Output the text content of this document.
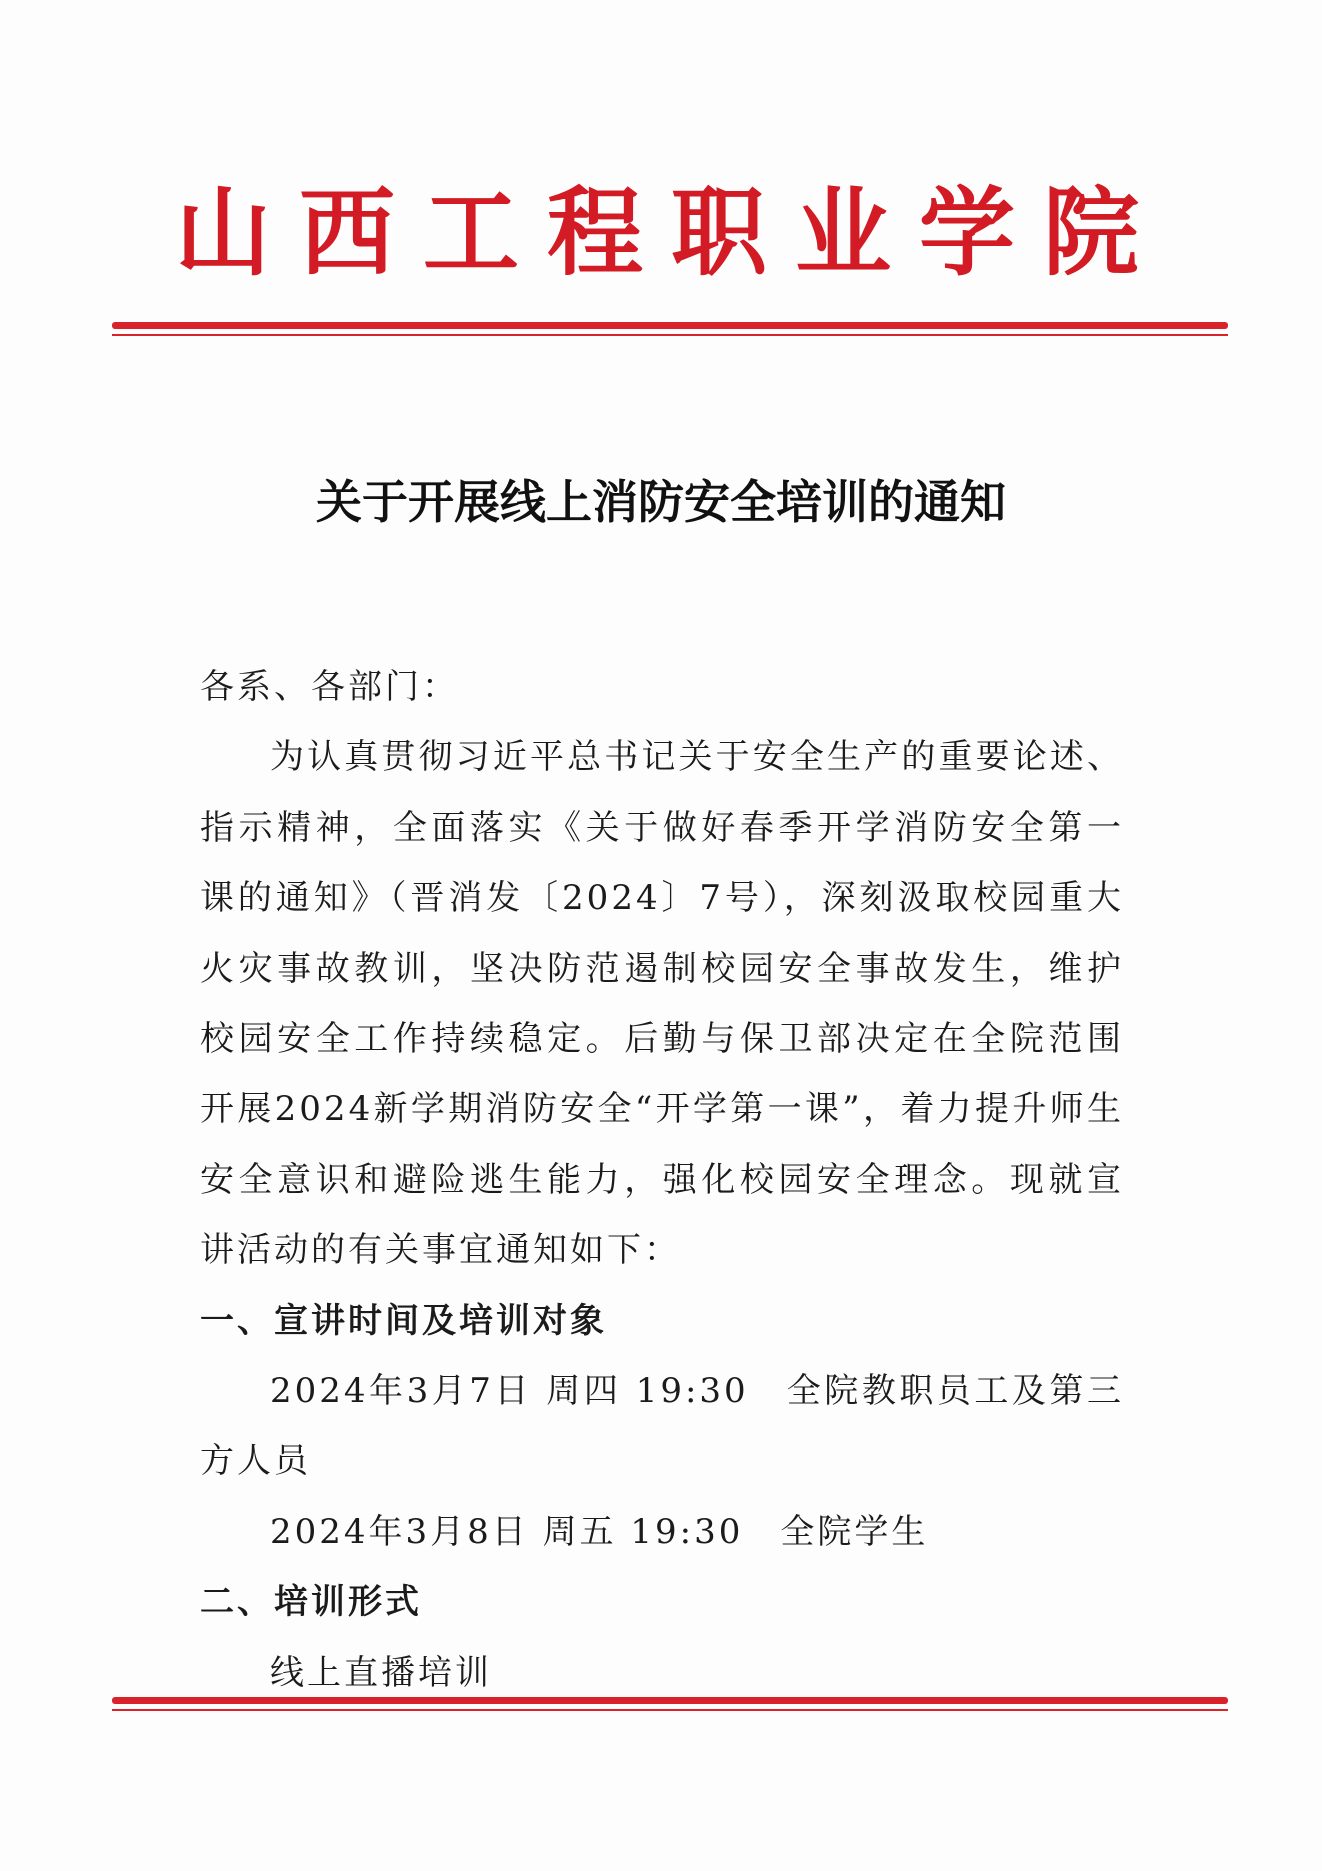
山西工程职业学院
关于开展线上消防安全培训的通知

各系、各部门：

为认真贯彻习近平总书记关于安全生产的重要论述、指示精神，全面落实《关于做好春季开学消防安全第一课的通知》（晋消发〔2024〕7号），深刻汲取校园重大火灾事故教训，坚决防范遏制校园安全事故发生，维护校园安全工作持续稳定。后勤与保卫部决定在全院范围开展2024新学期消防安全“开学第一课”，着力提升师生安全意识和避险逃生能力，强化校园安全理念。现就宣讲活动的有关事宜通知如下：

一、宣讲时间及培训对象

2024年3月7日 周四 19:30　全院教职员工及第三方人员

2024年3月8日 周五 19:30　全院学生

二、培训形式

线上直播培训
